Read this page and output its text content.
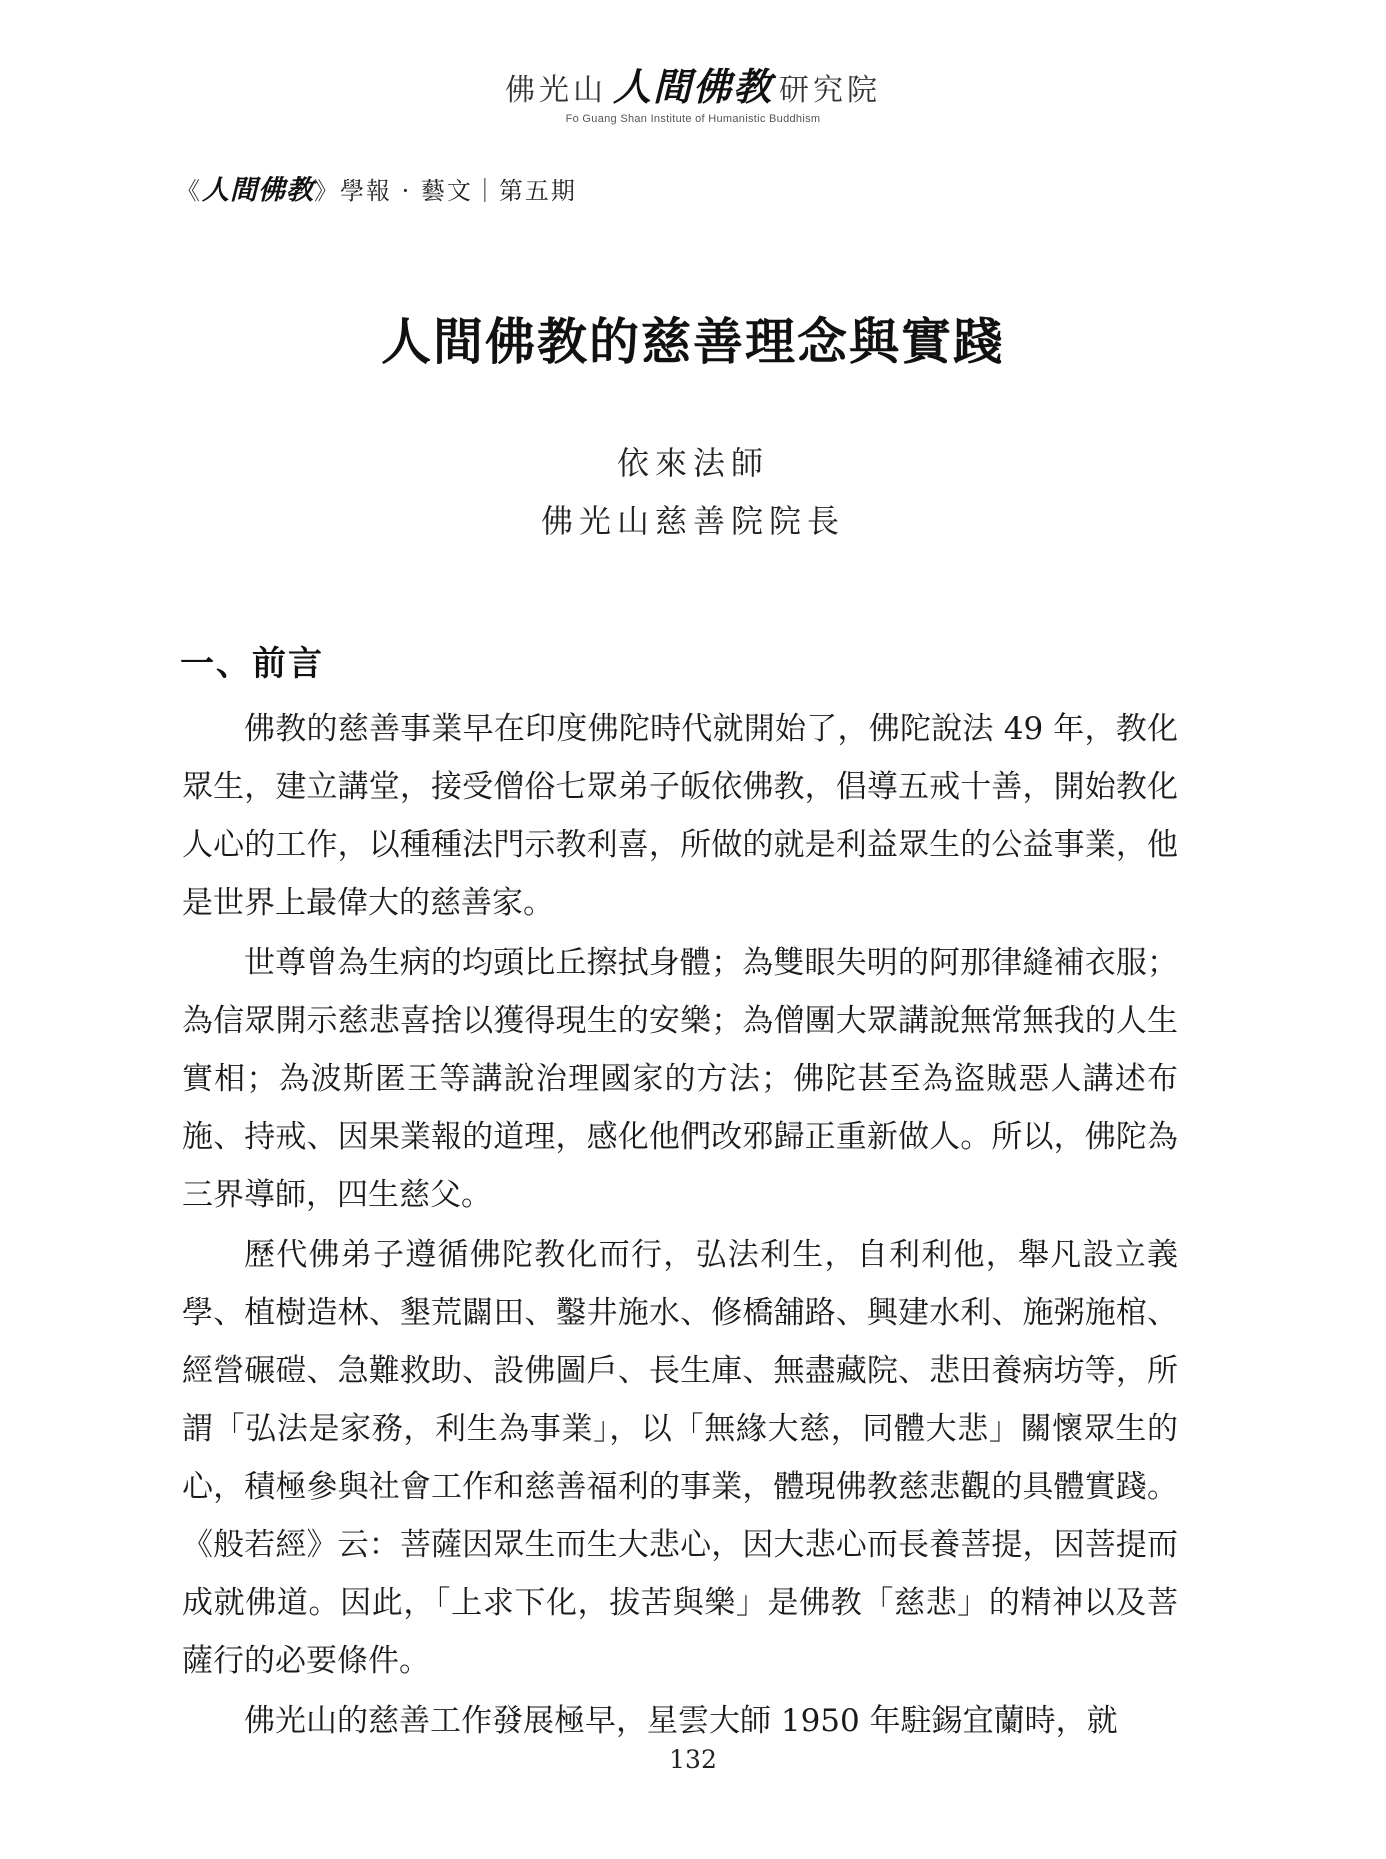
佛光山 人間佛教 研究院
Fo Guang Shan Institute of Humanistic Buddhism
《人間佛教》學報 · 藝文｜第五期
人間佛教的慈善理念與實踐
依來法師
佛光山慈善院院長
一、前言

佛教的慈善事業早在印度佛陀時代就開始了，佛陀說法 49 年，教化眾生，建立講堂，接受僧俗七眾弟子皈依佛教，倡導五戒十善，開始教化人心的工作，以種種法門示教利喜，所做的就是利益眾生的公益事業，他是世界上最偉大的慈善家。

世尊曾為生病的均頭比丘擦拭身體；為雙眼失明的阿那律縫補衣服；為信眾開示慈悲喜捨以獲得現生的安樂；為僧團大眾講說無常無我的人生實相；為波斯匿王等講說治理國家的方法；佛陀甚至為盜賊惡人講述布施、持戒、因果業報的道理，感化他們改邪歸正重新做人。所以，佛陀為三界導師，四生慈父。

歷代佛弟子遵循佛陀教化而行，弘法利生，自利利他，舉凡設立義學、植樹造林、墾荒闢田、鑿井施水、修橋舖路、興建水利、施粥施棺、經營碾磑、急難救助、設佛圖戶、長生庫、無盡藏院、悲田養病坊等，所謂「弘法是家務，利生為事業」，以「無緣大慈，同體大悲」關懷眾生的心，積極參與社會工作和慈善福利的事業，體現佛教慈悲觀的具體實踐。《般若經》云：菩薩因眾生而生大悲心，因大悲心而長養菩提，因菩提而成就佛道。因此，「上求下化，拔苦與樂」是佛教「慈悲」的精神以及菩薩行的必要條件。

佛光山的慈善工作發展極早，星雲大師 1950 年駐錫宜蘭時，就

132
